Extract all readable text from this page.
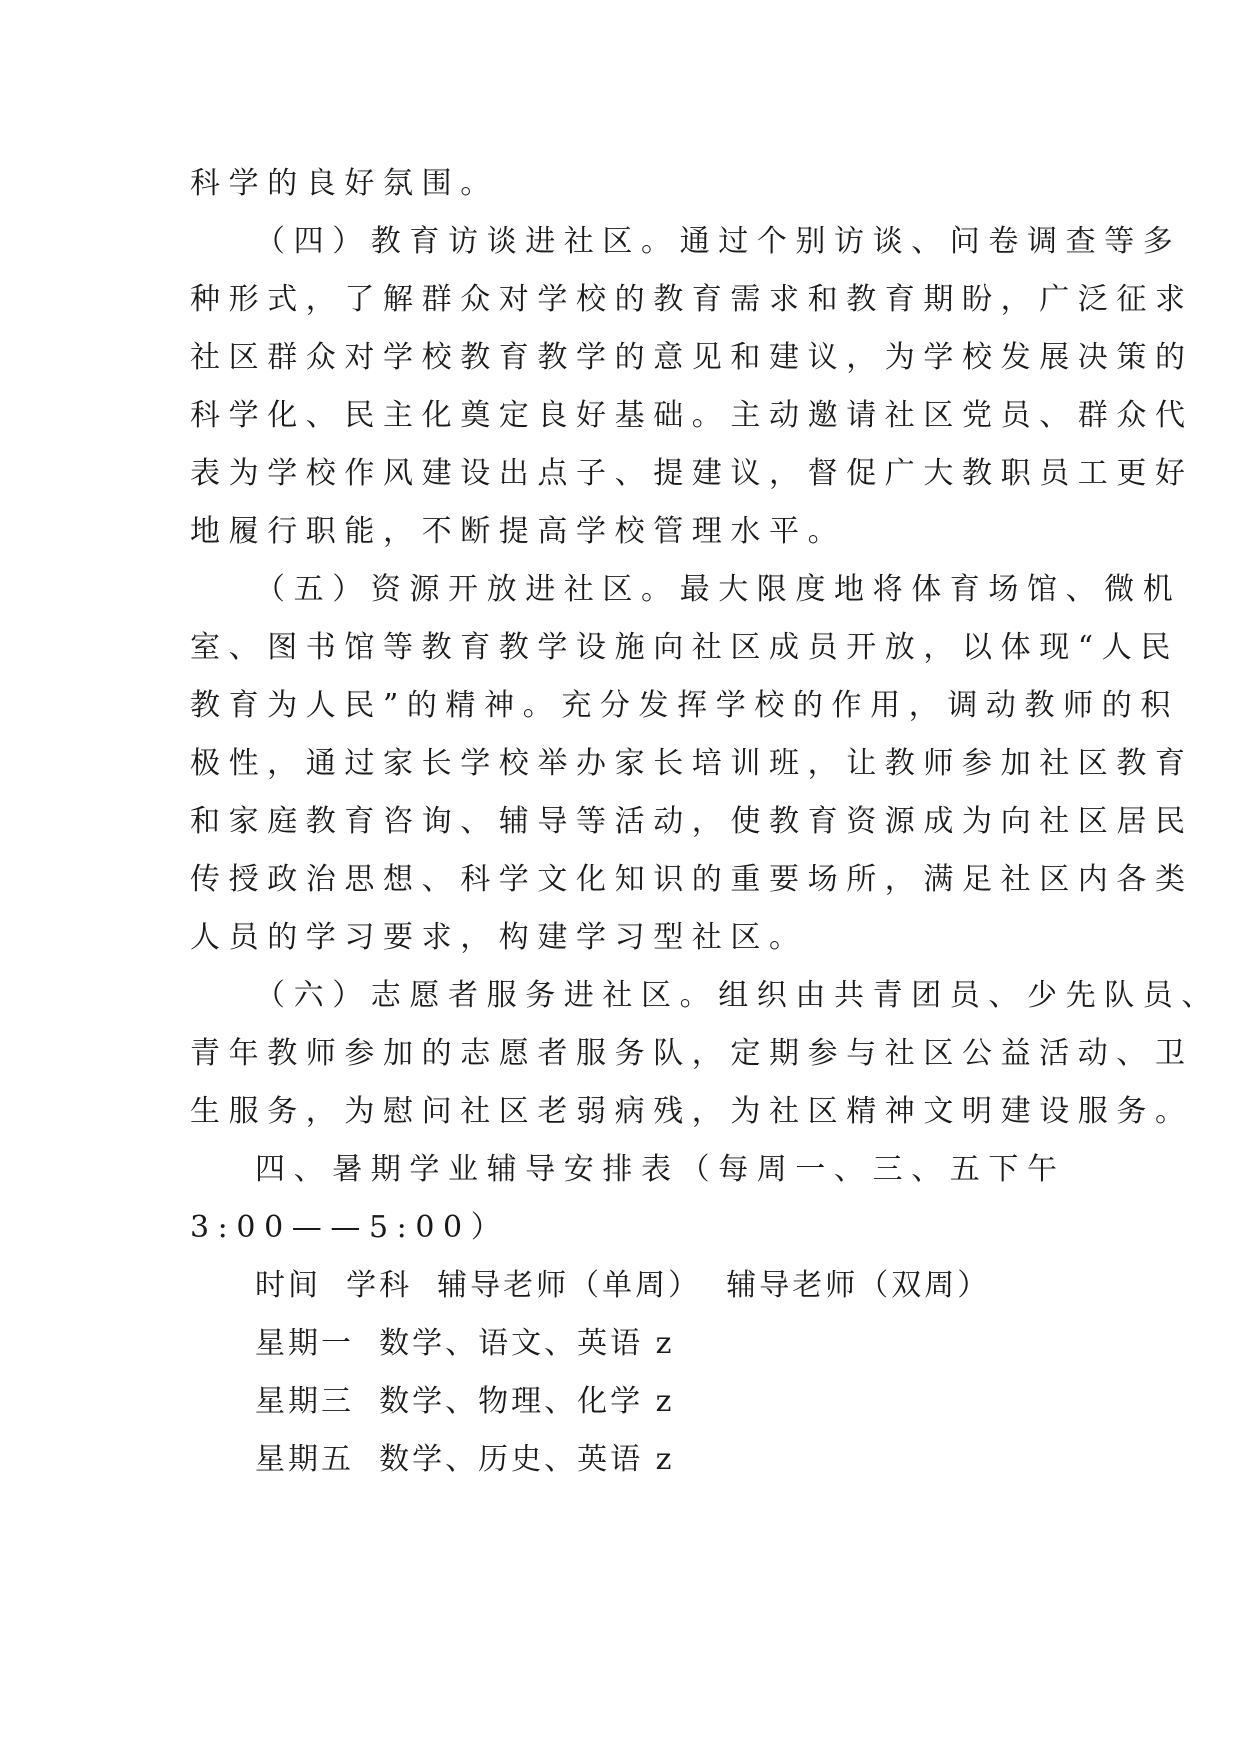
科学的良好氛围。
（四）教育访谈进社区。通过个别访谈、问卷调查等多
种形式，了解群众对学校的教育需求和教育期盼，广泛征求
社区群众对学校教育教学的意见和建议，为学校发展决策的
科学化、民主化奠定良好基础。主动邀请社区党员、群众代
表为学校作风建设出点子、提建议，督促广大教职员工更好
地履行职能，不断提高学校管理水平。
（五）资源开放进社区。最大限度地将体育场馆、微机
室、图书馆等教育教学设施向社区成员开放，以体现“人民
教育为人民”的精神。充分发挥学校的作用，调动教师的积
极性，通过家长学校举办家长培训班，让教师参加社区教育
和家庭教育咨询、辅导等活动，使教育资源成为向社区居民
传授政治思想、科学文化知识的重要场所，满足社区内各类
人员的学习要求，构建学习型社区。
（六）志愿者服务进社区。组织由共青团员、少先队员、
青年教师参加的志愿者服务队，定期参与社区公益活动、卫
生服务，为慰问社区老弱病残，为社区精神文明建设服务。
四、暑期学业辅导安排表（每周一、三、五下午
3:00——5:00）
时间 学科 辅导老师（单周） 辅导老师（双周）
星期一 数学、语文、英语 z
星期三 数学、物理、化学 z
星期五 数学、历史、英语 z
